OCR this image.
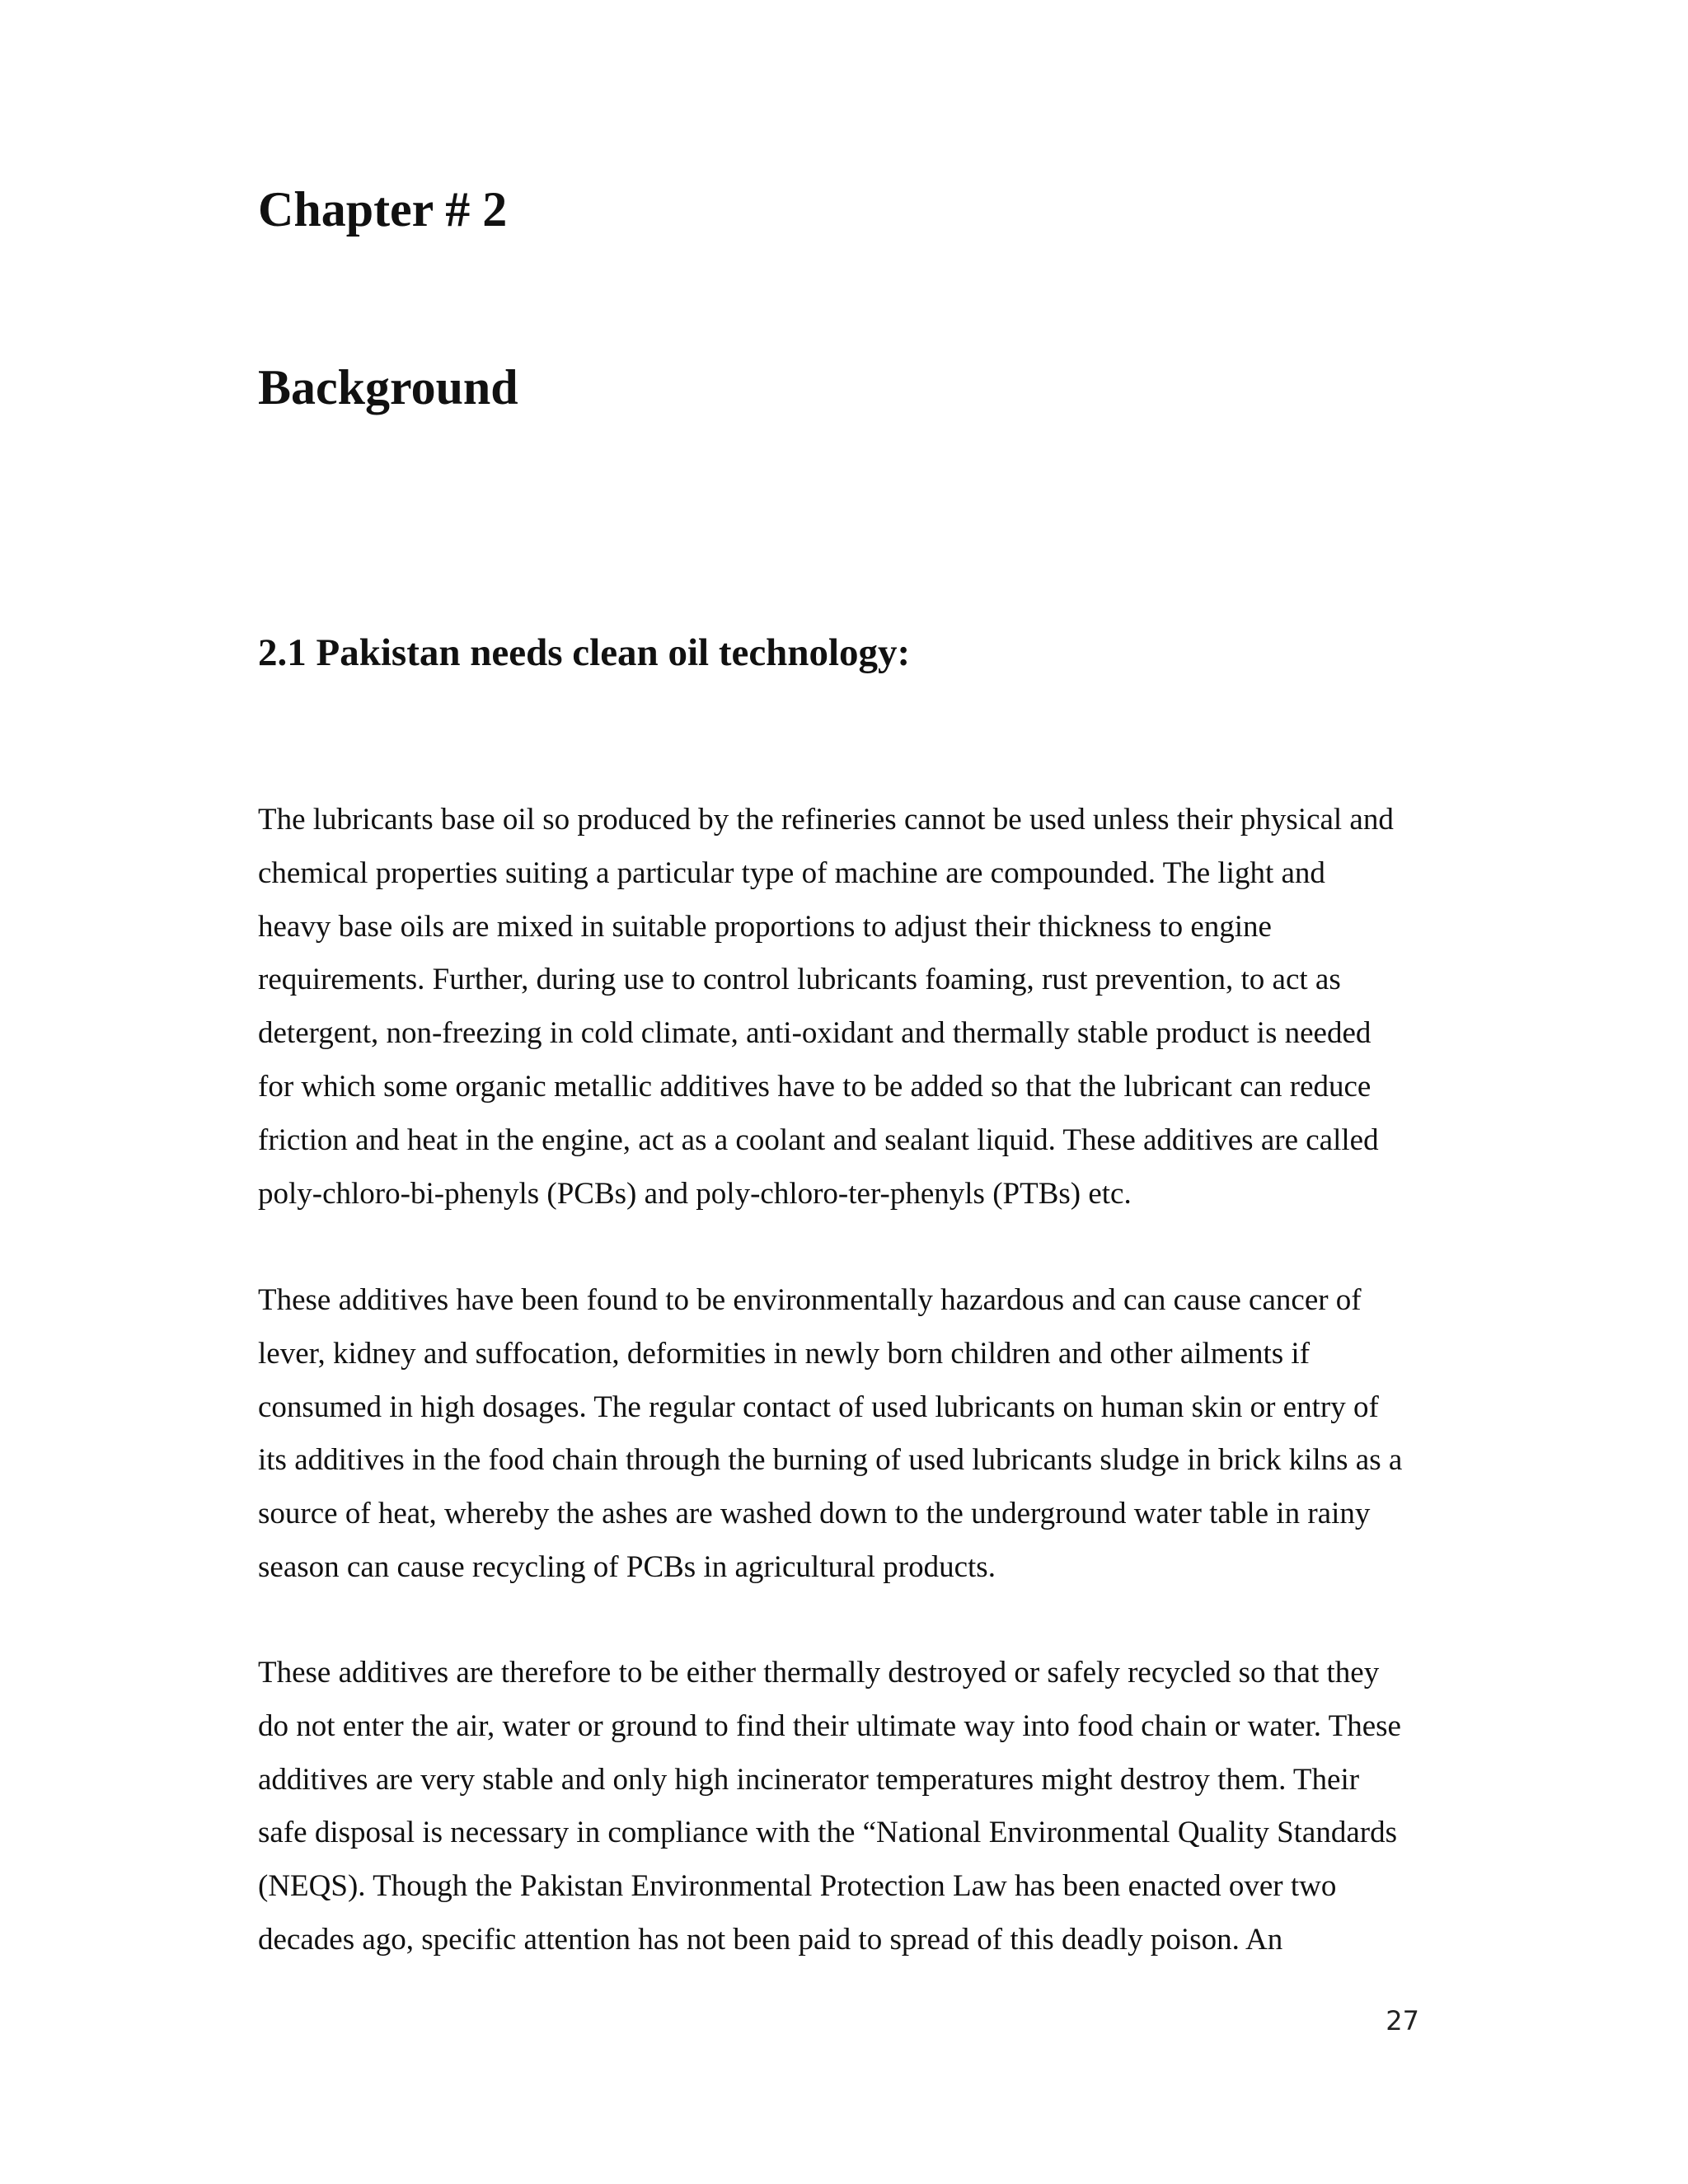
Chapter # 2
Background
2.1 Pakistan needs clean oil technology:

The lubricants base oil so produced by the refineries cannot be used unless their physical and
chemical properties suiting a particular type of machine are compounded. The light and
heavy base oils are mixed in suitable proportions to adjust their thickness to engine
requirements. Further, during use to control lubricants foaming, rust prevention, to act as
detergent, non-freezing in cold climate, anti-oxidant and thermally stable product is needed
for which some organic metallic additives have to be added so that the lubricant can reduce
friction and heat in the engine, act as a coolant and sealant liquid. These additives are called
poly-chloro-bi-phenyls (PCBs) and poly-chloro-ter-phenyls (PTBs) etc.

These additives have been found to be environmentally hazardous and can cause cancer of
lever, kidney and suffocation, deformities in newly born children and other ailments if
consumed in high dosages. The regular contact of used lubricants on human skin or entry of
its additives in the food chain through the burning of used lubricants sludge in brick kilns as a
source of heat, whereby the ashes are washed down to the underground water table in rainy
season can cause recycling of PCBs in agricultural products.

These additives are therefore to be either thermally destroyed or safely recycled so that they
do not enter the air, water or ground to find their ultimate way into food chain or water. These
additives are very stable and only high incinerator temperatures might destroy them. Their
safe disposal is necessary in compliance with the “National Environmental Quality Standards
(NEQS). Though the Pakistan Environmental Protection Law has been enacted over two
decades ago, specific attention has not been paid to spread of this deadly poison. An

27
